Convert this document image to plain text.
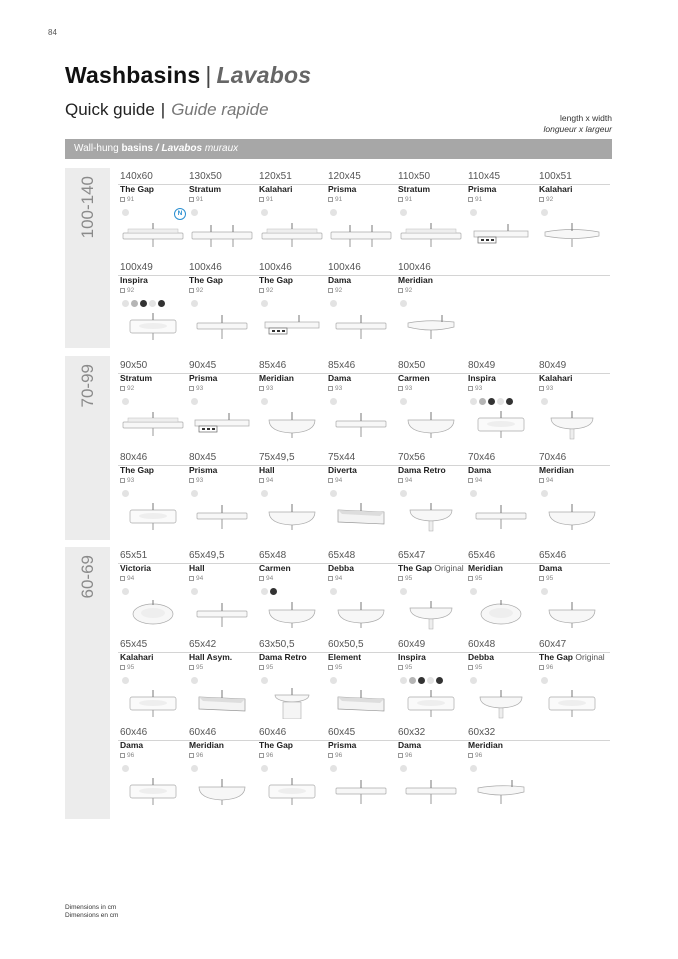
84
Washbasins | Lavabos
Quick guide | Guide rapide	length x width
longueur x largeur
Wall-hung basins / Lavabos muraux
100-140
70-99
60-69
140x60
The Gap
91
N
130x50
Stratum
91
120x51
Kalahari
91
120x45
Prisma
91
110x50
Stratum
91
110x45
Prisma
91
100x51
Kalahari
92
100x49
Inspira
92
100x46
The Gap
92
100x46
The Gap
92
100x46
Dama
92
100x46
Meridian
92
90x50
Stratum
92
90x45
Prisma
93
85x46
Meridian
93
85x46
Dama
93
80x50
Carmen
93
80x49
Inspira
93
80x49
Kalahari
93
80x46
The Gap
93
80x45
Prisma
93
75x49,5
Hall
94
75x44
Diverta
94
70x56
Dama Retro
94
70x46
Dama
94
70x46
Meridian
94
65x51
Victoria
94
65x49,5
Hall
94
65x48
Carmen
94
65x48
Debba
94
65x47
The Gap Original
95
65x46
Meridian
95
65x46
Dama
95
65x45
Kalahari
95
65x42
Hall Asym.
95
63x50,5
Dama Retro
95
60x50,5
Element
95
60x49
Inspira
95
60x48
Debba
95
60x47
The Gap Original
96
60x46
Dama
96
60x46
Meridian
96
60x46
The Gap
96
60x45
Prisma
96
60x32
Dama
96
60x32
Meridian
96
Dimensions in cm
Dimensions en cm
